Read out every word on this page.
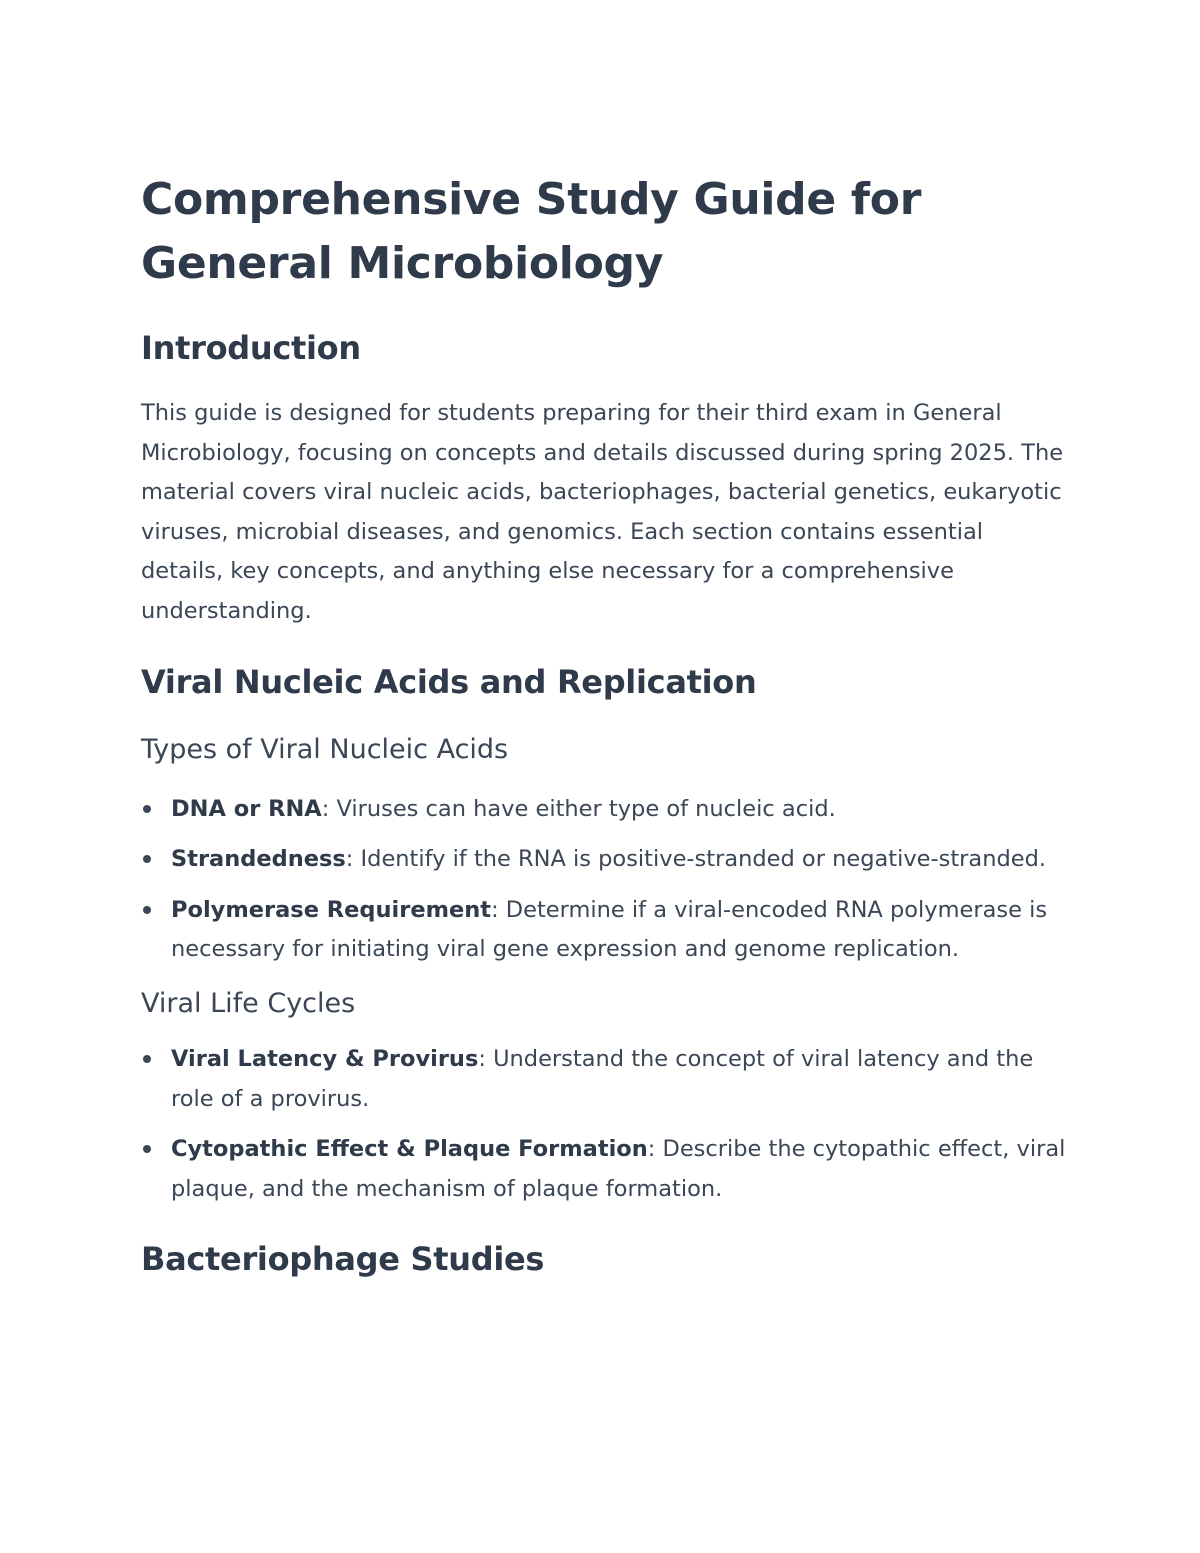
Comprehensive Study Guide for General Microbiology
Introduction

This guide is designed for students preparing for their third exam in General Microbiology, focusing on concepts and details discussed during spring 2025. The material covers viral nucleic acids, bacteriophages, bacterial genetics, eukaryotic viruses, microbial diseases, and genomics. Each section contains essential details, key concepts, and anything else necessary for a comprehensive understanding.

Viral Nucleic Acids and Replication
Types of Viral Nucleic Acids
DNA or RNA: Viruses can have either type of nucleic acid.
Strandedness: Identify if the RNA is positive-stranded or negative-stranded.
Polymerase Requirement: Determine if a viral-encoded RNA polymerase is necessary for initiating viral gene expression and genome replication.
Viral Life Cycles
Viral Latency & Provirus: Understand the concept of viral latency and the role of a provirus.
Cytopathic Effect & Plaque Formation: Describe the cytopathic effect, viral plaque, and the mechanism of plaque formation.
Bacteriophage Studies
